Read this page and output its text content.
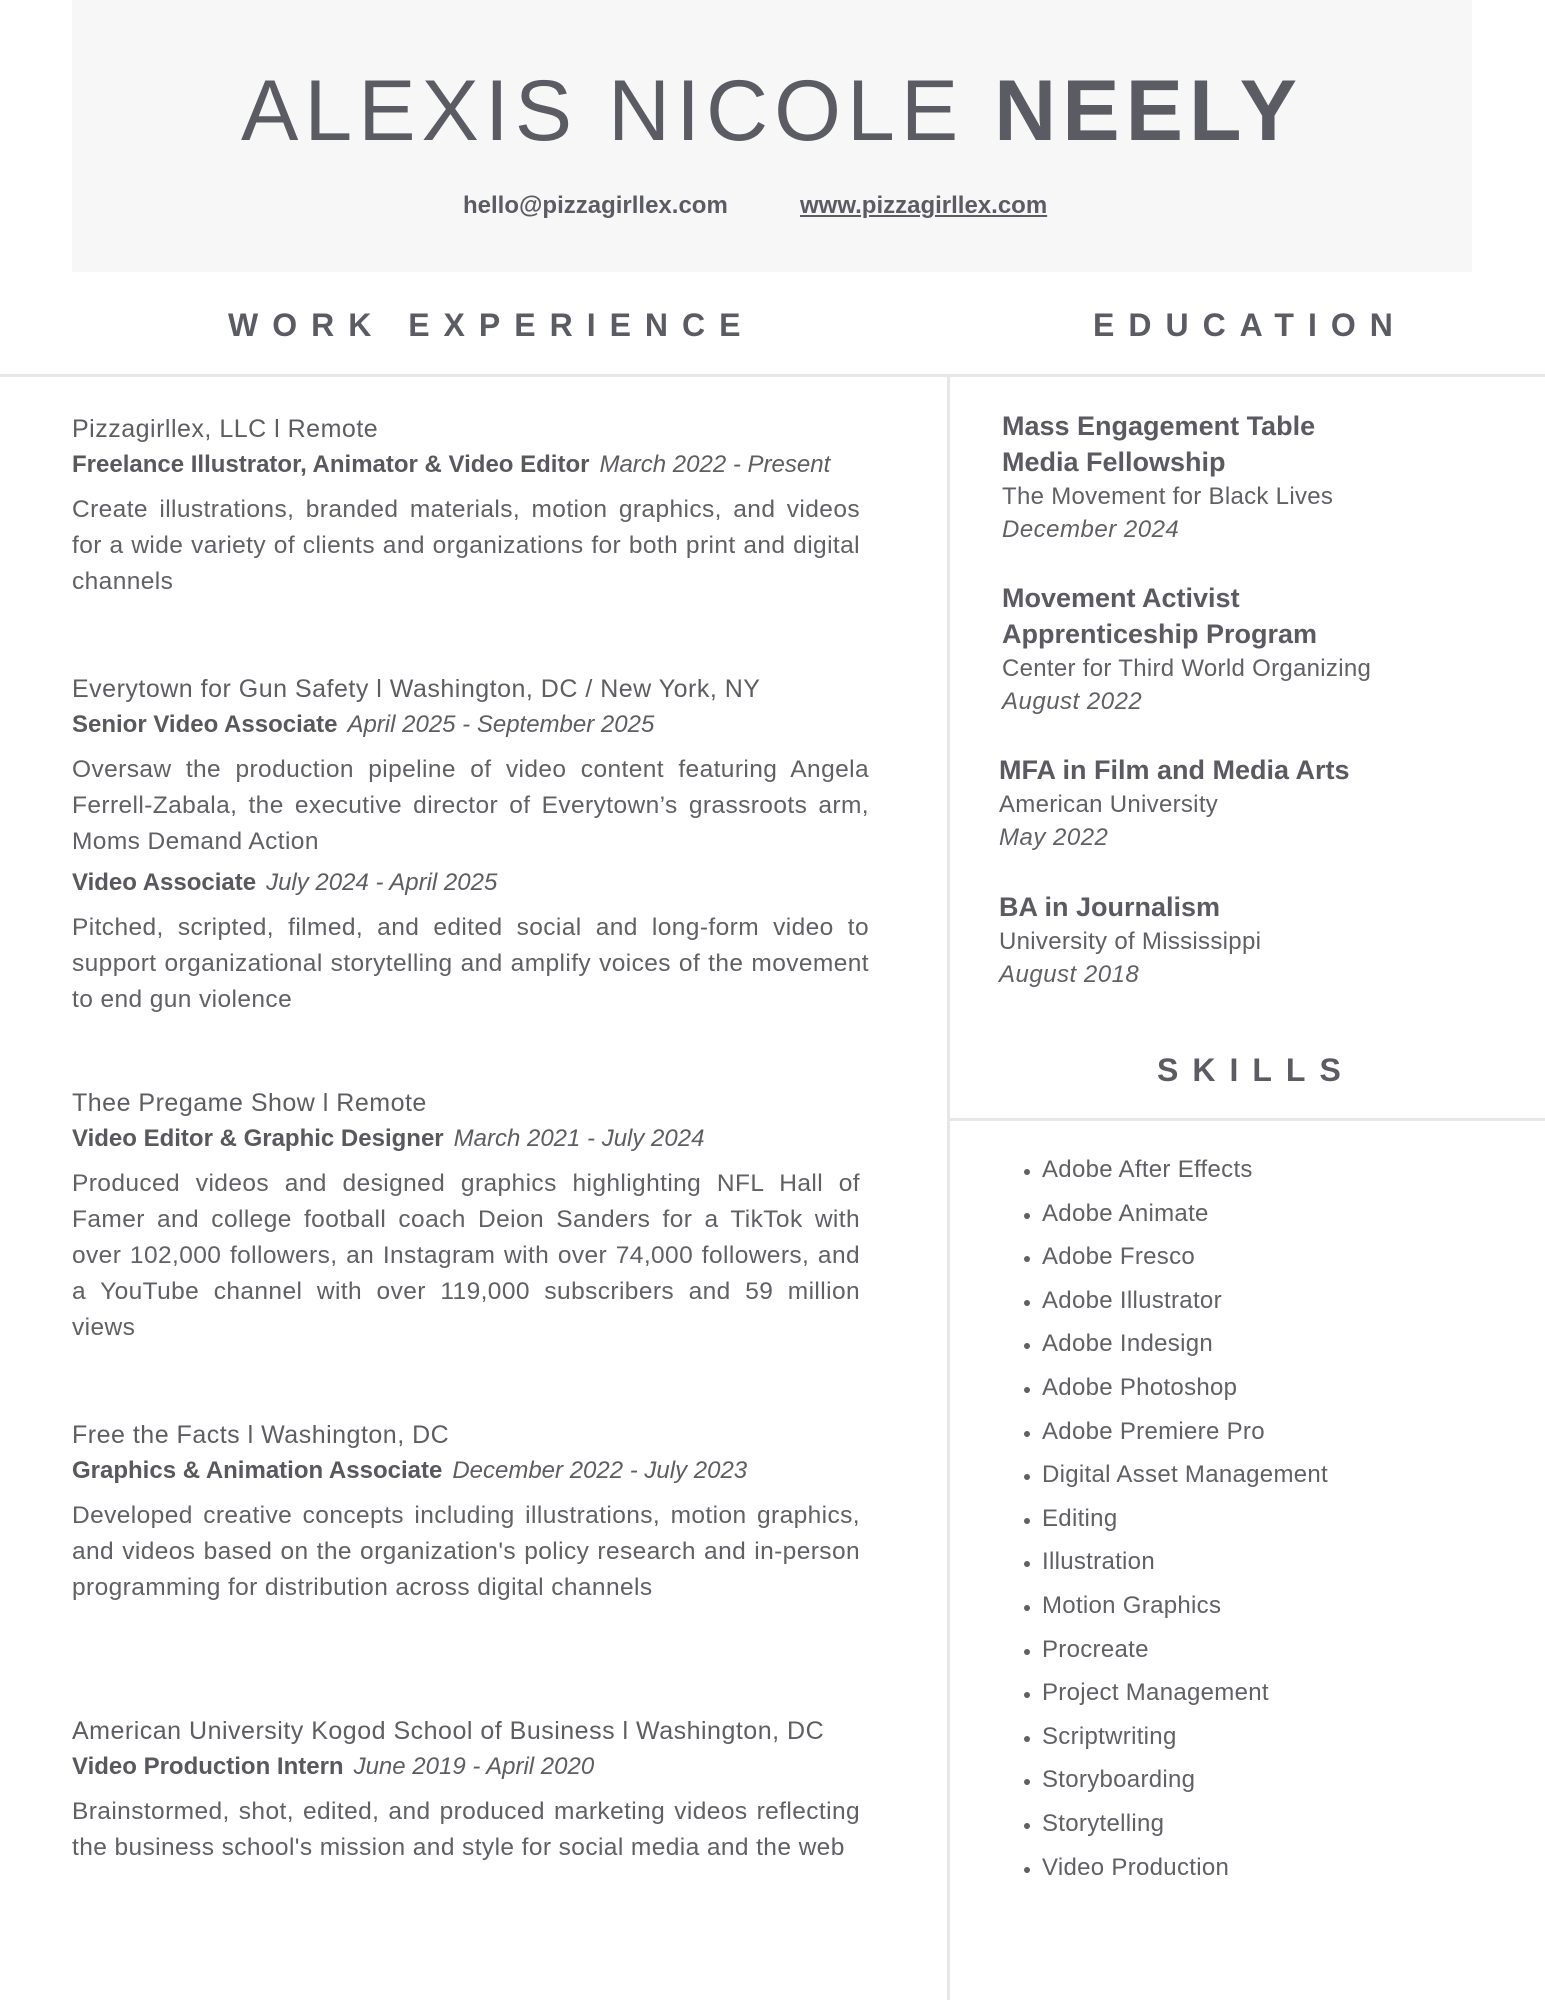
ALEXIS NICOLE NEELY
hello@pizzagirllex.com	www.pizzagirllex.com
WORK EXPERIENCE	EDUCATION
SKILLS
Pizzagirllex, LLC l Remote
Freelance Illustrator, Animator & Video Editor March 2022 - Present
Create illustrations, branded materials, motion graphics, and videos for a wide variety of clients and organizations for both print and digital channels
Everytown for Gun Safety l Washington, DC / New York, NY
Senior Video Associate April 2025 - September 2025
Oversaw the production pipeline of video content featuring Angela Ferrell-Zabala, the executive director of Everytown’s grassroots arm, Moms Demand Action
Video Associate July 2024 - April 2025
Pitched, scripted, filmed, and edited social and long-form video to support organizational storytelling and amplify voices of the movement to end gun violence
Thee Pregame Show l Remote
Video Editor & Graphic Designer March 2021 - July 2024
Produced videos and designed graphics highlighting NFL Hall of Famer and college football coach Deion Sanders for a TikTok with over 102,000 followers, an Instagram with over 74,000 followers, and a YouTube channel with over 119,000 subscribers and 59 million views
Free the Facts l Washington, DC
Graphics & Animation Associate December 2022 - July 2023
Developed creative concepts including illustrations, motion graphics, and videos based on the organization's policy research and in-person programming for distribution across digital channels
American University Kogod School of Business l Washington, DC
Video Production Intern June 2019 - April 2020
Brainstormed, shot, edited, and produced marketing videos reflecting the business school's mission and style for social media and the web
Mass Engagement Table
Media Fellowship
The Movement for Black Lives
December 2024
Movement Activist
Apprenticeship Program
Center for Third World Organizing
August 2022
MFA in Film and Media Arts
American University
May 2022
BA in Journalism
University of Mississippi
August 2018
• Adobe After Effects
• Adobe Animate
• Adobe Fresco
• Adobe Illustrator
• Adobe Indesign
• Adobe Photoshop
• Adobe Premiere Pro
• Digital Asset Management
• Editing
• Illustration
• Motion Graphics
• Procreate
• Project Management
• Scriptwriting
• Storyboarding
• Storytelling
• Video Production
